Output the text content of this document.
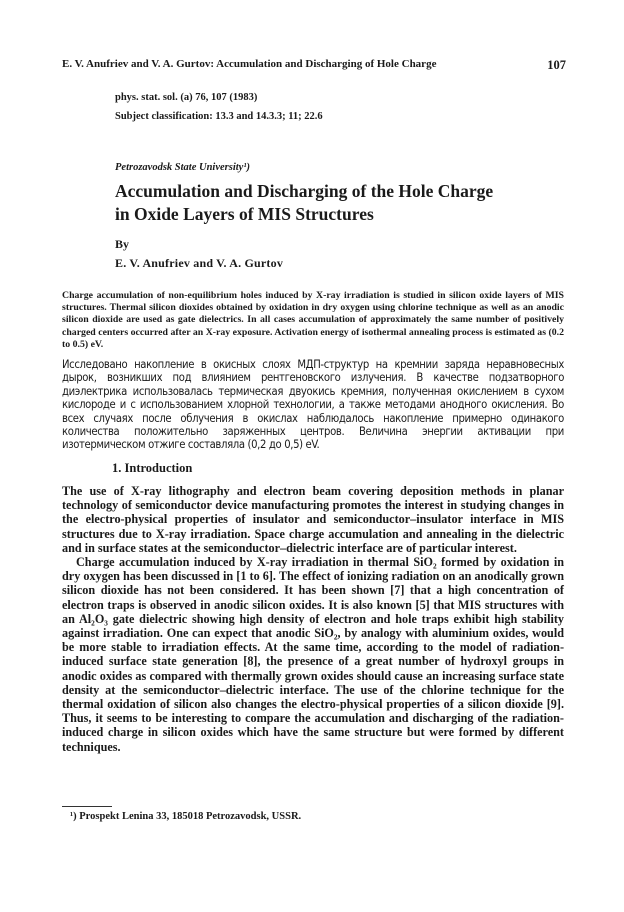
E. V. Anufriev and V. A. Gurtov: Accumulation and Discharging of Hole Charge	107
phys. stat. sol. (a) 76, 107 (1983)
Subject classification: 13.3 and 14.3.3; 11; 22.6
Petrozavodsk State University¹)
Accumulation and Discharging of the Hole Charge
in Oxide Layers of MIS Structures
By
E. V. Anufriev and V. A. Gurtov
Charge accumulation of non-equilibrium holes induced by X-ray irradiation is studied in silicon oxide layers of MIS structures. Thermal silicon dioxides obtained by oxidation in dry oxygen using chlorine technique as well as an anodic silicon dioxide are used as gate dielectrics. In all cases accumulation of approximately the same number of positively charged centers occurred after an X-ray exposure. Activation energy of isothermal annealing process is estimated as (0.2 to 0.5) eV.
Исследовано накопление в окисных слоях МДП-структур на кремнии заряда неравновесных дырок, возникших под влиянием рентгеновского излучения. В качестве подзатворного диэлектрика использовалась термическая двуокись кремния, полученная окислением в сухом кислороде и с использованием хлорной технологии, а также методами анодного окисления. Во всех случаях после облучения в окислах наблюдалось накопление примерно одинакого количества положительно заряженных центров. Величина энергии активации при изотермическом отжиге составляла (0,2 до 0,5) eV.
1. Introduction

The use of X-ray lithography and electron beam covering deposition methods in planar technology of semiconductor device manufacturing promotes the interest in studying changes in the electro-physical properties of insulator and semiconductor–insulator interface in MIS structures due to X-ray irradiation. Space charge accumulation and annealing in the dielectric and in surface states at the semiconductor–dielectric interface are of particular interest.

Charge accumulation induced by X-ray irradiation in thermal SiO₂ formed by oxidation in dry oxygen has been discussed in [1 to 6]. The effect of ionizing radiation on an anodically grown silicon dioxide has not been considered. It has been shown [7] that a high concentration of electron traps is observed in anodic silicon oxides. It is also known [5] that MIS structures with an Al₂O₃ gate dielectric showing high density of electron and hole traps exhibit high stability against irradiation. One can expect that anodic SiO₂, by analogy with aluminium oxides, would be more stable to irradiation effects. At the same time, according to the model of radiation-induced surface state generation [8], the presence of a great number of hydroxyl groups in anodic oxides as compared with thermally grown oxides should cause an increasing surface state density at the semiconductor–dielectric interface. The use of the chlorine technique for the thermal oxidation of silicon also changes the electro-physical properties of a silicon dioxide [9]. Thus, it seems to be interesting to compare the accumulation and discharging of the radiation-induced charge in silicon oxides which have the same structure but were formed by different techniques.

¹) Prospekt Lenina 33, 185018 Petrozavodsk, USSR.
